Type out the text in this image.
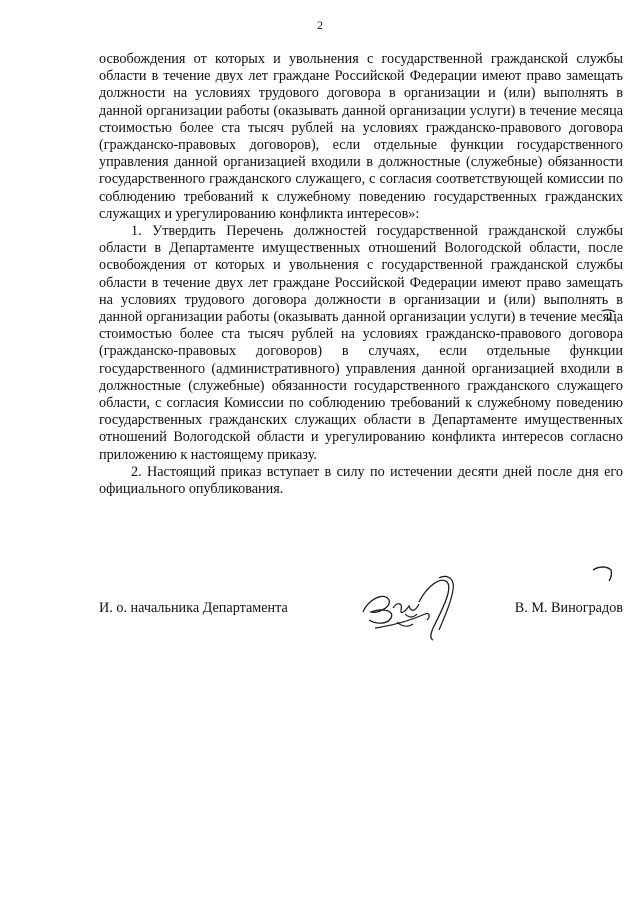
2

освобождения от которых и увольнения с государственной гражданской службы области в течение двух лет граждане Российской Федерации имеют право замещать должности на условиях трудового договора в организации и (или) выполнять в данной организации работы (оказывать данной организации услуги) в течение месяца стоимостью более ста тысяч рублей на условиях гражданско-правового договора (гражданско-правовых договоров), если отдельные функции государственного управления данной организацией входили в должностные (служебные) обязанности государственного гражданского служащего, с согласия соответствующей комиссии по соблюдению требований к служебному поведению государственных гражданских служащих и урегулированию конфликта интересов»:

1. Утвердить Перечень должностей государственной гражданской службы области в Департаменте имущественных отношений Вологодской области, после освобождения от которых и увольнения с государственной гражданской службы области в течение двух лет граждане Российской Федерации имеют право замещать на условиях трудового договора должности в организации и (или) выполнять в данной организации работы (оказывать данной организации услуги) в течение месяца стоимостью более ста тысяч рублей на условиях гражданско-правового договора (гражданско-правовых договоров) в случаях, если отдельные функции государственного (административного) управления данной организацией входили в должностные (служебные) обязанности государственного гражданского служащего области, с согласия Комиссии по соблюдению требований к служебному поведению государственных гражданских служащих области в Департаменте имущественных отношений Вологодской области и урегулированию конфликта интересов согласно приложению к настоящему приказу.

2. Настоящий приказ вступает в силу по истечении десяти дней после дня его официального опубликования.

И. о. начальника Департамента	В. М. Виноградов
